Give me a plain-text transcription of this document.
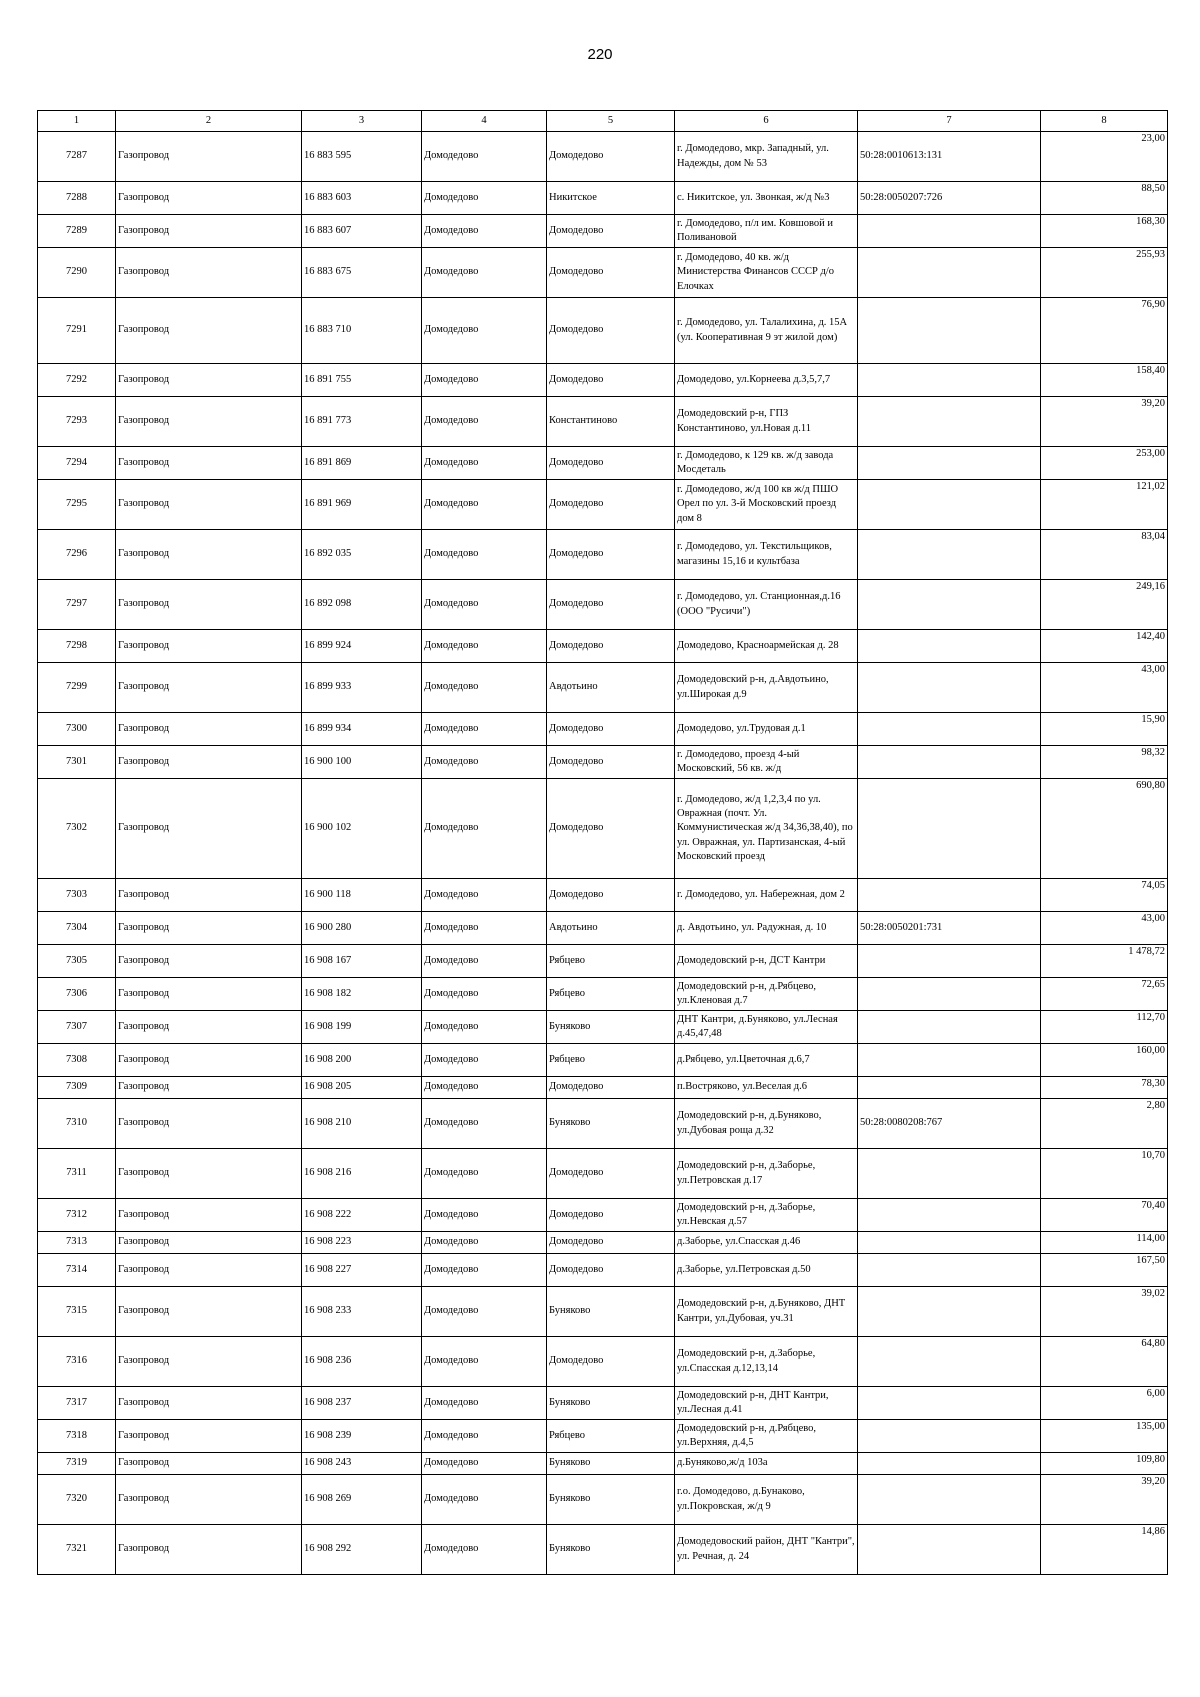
220
1	2	3	4	5	6	7	8
7287	Газопровод	16 883 595	Домодедово	Домодедово	г. Домодедово, мкр. Западный, ул. Надежды, дом № 53	50:28:0010613:131	23,00
7288	Газопровод	16 883 603	Домодедово	Никитское	с. Никитское, ул. Звонкая, ж/д №3	50:28:0050207:726	88,50
7289	Газопровод	16 883 607	Домодедово	Домодедово	г. Домодедово, п/л им. Ковшовой и Поливановой		168,30
7290	Газопровод	16 883 675	Домодедово	Домодедово	г. Домодедово, 40 кв. ж/д Министерства Финансов СССР д/о Елочках		255,93
7291	Газопровод	16 883 710	Домодедово	Домодедово	г. Домодедово, ул. Талалихина, д. 15А (ул. Кооперативная 9 эт жилой дом)		76,90
7292	Газопровод	16 891 755	Домодедово	Домодедово	Домодедово, ул.Корнеева д.3,5,7,7		158,40
7293	Газопровод	16 891 773	Домодедово	Константиново	Домодедовский р-н, ГПЗ Константиново, ул.Новая д.11		39,20
7294	Газопровод	16 891 869	Домодедово	Домодедово	г. Домодедово, к 129 кв. ж/д завода Мосдеталь		253,00
7295	Газопровод	16 891 969	Домодедово	Домодедово	г. Домодедово, ж/д 100 кв ж/д ПШО Орел по ул. 3-й Московский проезд дом 8		121,02
7296	Газопровод	16 892 035	Домодедово	Домодедово	г. Домодедово, ул. Текстильщиков, магазины 15,16 и культбаза		83,04
7297	Газопровод	16 892 098	Домодедово	Домодедово	г. Домодедово, ул. Станционная,д.16 (ООО "Русичи")		249,16
7298	Газопровод	16 899 924	Домодедово	Домодедово	Домодедово, Красноармейская д. 28		142,40
7299	Газопровод	16 899 933	Домодедово	Авдотьино	Домодедовский р-н, д.Авдотьино, ул.Широкая д.9		43,00
7300	Газопровод	16 899 934	Домодедово	Домодедово	Домодедово, ул.Трудовая д.1		15,90
7301	Газопровод	16 900 100	Домодедово	Домодедово	г. Домодедово, проезд 4-ый Московский, 56 кв. ж/д		98,32
7302	Газопровод	16 900 102	Домодедово	Домодедово	г. Домодедово, ж/д 1,2,3,4 по ул. Овражная (почт. Ул. Коммунистическая ж/д 34,36,38,40), по ул. Овражная, ул. Партизанская, 4-ый Московский проезд		690,80
7303	Газопровод	16 900 118	Домодедово	Домодедово	г. Домодедово, ул. Набережная, дом 2		74,05
7304	Газопровод	16 900 280	Домодедово	Авдотьино	д. Авдотьино, ул. Радужная, д. 10	50:28:0050201:731	43,00
7305	Газопровод	16 908 167	Домодедово	Рябцево	Домодедовский р-н, ДСТ Кантри		1 478,72
7306	Газопровод	16 908 182	Домодедово	Рябцево	Домодедовский р-н, д.Рябцево, ул.Кленовая д.7		72,65
7307	Газопровод	16 908 199	Домодедово	Буняково	ДНТ Кантри, д.Буняково, ул.Лесная д.45,47,48		112,70
7308	Газопровод	16 908 200	Домодедово	Рябцево	д.Рябцево, ул.Цветочная д.6,7		160,00
7309	Газопровод	16 908 205	Домодедово	Домодедово	п.Востряково, ул.Веселая д.6		78,30
7310	Газопровод	16 908 210	Домодедово	Буняково	Домодедовский р-н, д.Буняково, ул.Дубовая роща д.32	50:28:0080208:767	2,80
7311	Газопровод	16 908 216	Домодедово	Домодедово	Домодедовский р-н, д.Заборье, ул.Петровская д.17		10,70
7312	Газопровод	16 908 222	Домодедово	Домодедово	Домодедовский р-н, д.Заборье, ул.Невская д.57		70,40
7313	Газопровод	16 908 223	Домодедово	Домодедово	д.Заборье, ул.Спасская д.46		114,00
7314	Газопровод	16 908 227	Домодедово	Домодедово	д.Заборье, ул.Петровская д.50		167,50
7315	Газопровод	16 908 233	Домодедово	Буняково	Домодедовский р-н, д.Буняково, ДНТ Кантри, ул.Дубовая, уч.31		39,02
7316	Газопровод	16 908 236	Домодедово	Домодедово	Домодедовский р-н, д.Заборье, ул.Спасская д.12,13,14		64,80
7317	Газопровод	16 908 237	Домодедово	Буняково	Домодедовский р-н, ДНТ Кантри, ул.Лесная д.41		6,00
7318	Газопровод	16 908 239	Домодедово	Рябцево	Домодедовский р-н, д.Рябцево, ул.Верхняя, д.4,5		135,00
7319	Газопровод	16 908 243	Домодедово	Буняково	д.Буняково,ж/д 103а		109,80
7320	Газопровод	16 908 269	Домодедово	Буняково	г.о. Домодедово, д.Бунаково, ул.Покровская, ж/д 9		39,20
7321	Газопровод	16 908 292	Домодедово	Буняково	Домодедовоский район, ДНТ "Кантри", ул. Речная, д. 24		14,86
